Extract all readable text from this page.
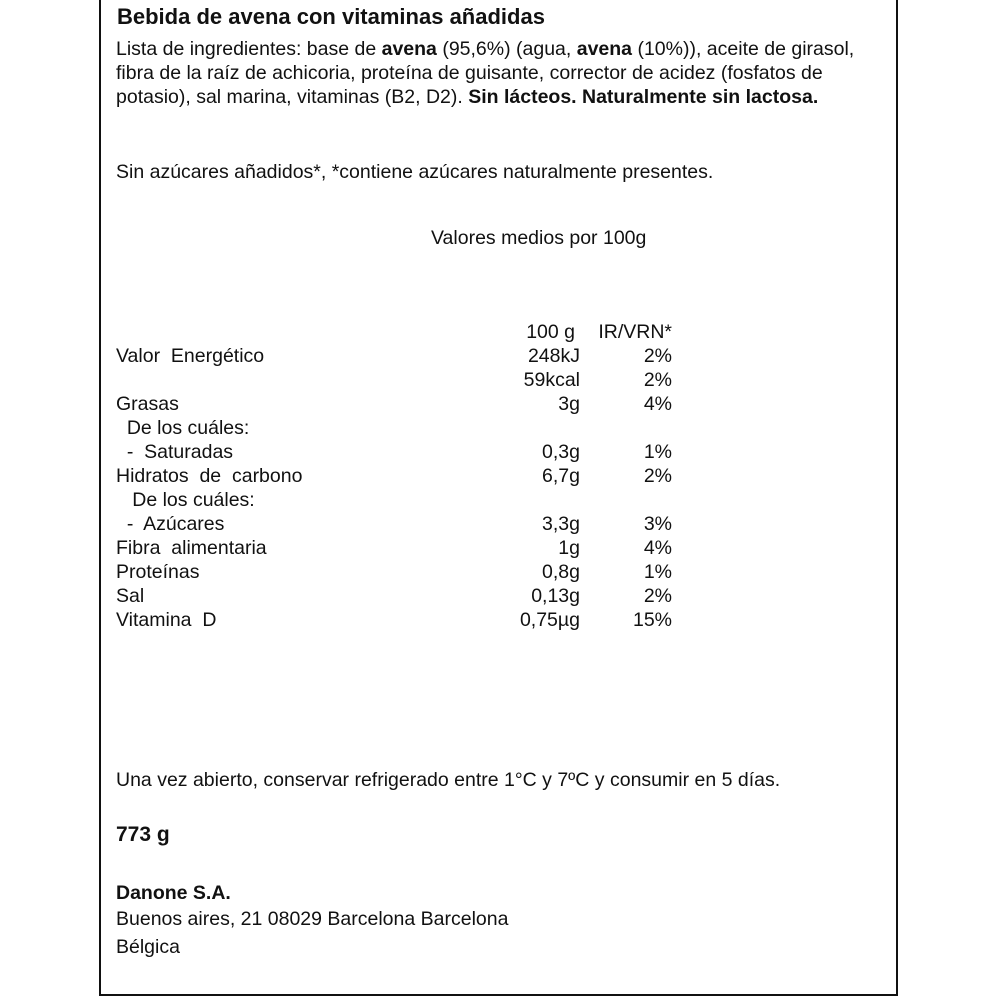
Bebida de avena con vitaminas añadidas
Lista de ingredientes: base de avena (95,6%) (agua, avena (10%)), aceite de girasol, fibra de la raíz de achicoria, proteína de guisante, corrector de acidez (fosfatos de potasio), sal marina, vitaminas (B2, D2). Sin lácteos. Naturalmente sin lactosa.
Sin azúcares añadidos*, *contiene azúcares naturalmente presentes.
Valores medios por 100g
100 g	IR/VRN*
Valor  Energético	248kJ	2%
59kcal	2%
Grasas	3g	4%
De los cuáles:
-  Saturadas	0,3g	1%
Hidratos  de  carbono	6,7g	2%
De los cuáles:
-  Azúcares	3,3g	3%
Fibra  alimentaria	1g	4%
Proteínas	0,8g	1%
Sal	0,13g	2%
Vitamina  D	0,75µg	15%
Una vez abierto, conservar refrigerado entre 1°C y 7ºC y consumir en 5 días.
773 g
Danone S.A.
Buenos aires, 21 08029 Barcelona Barcelona
Bélgica
